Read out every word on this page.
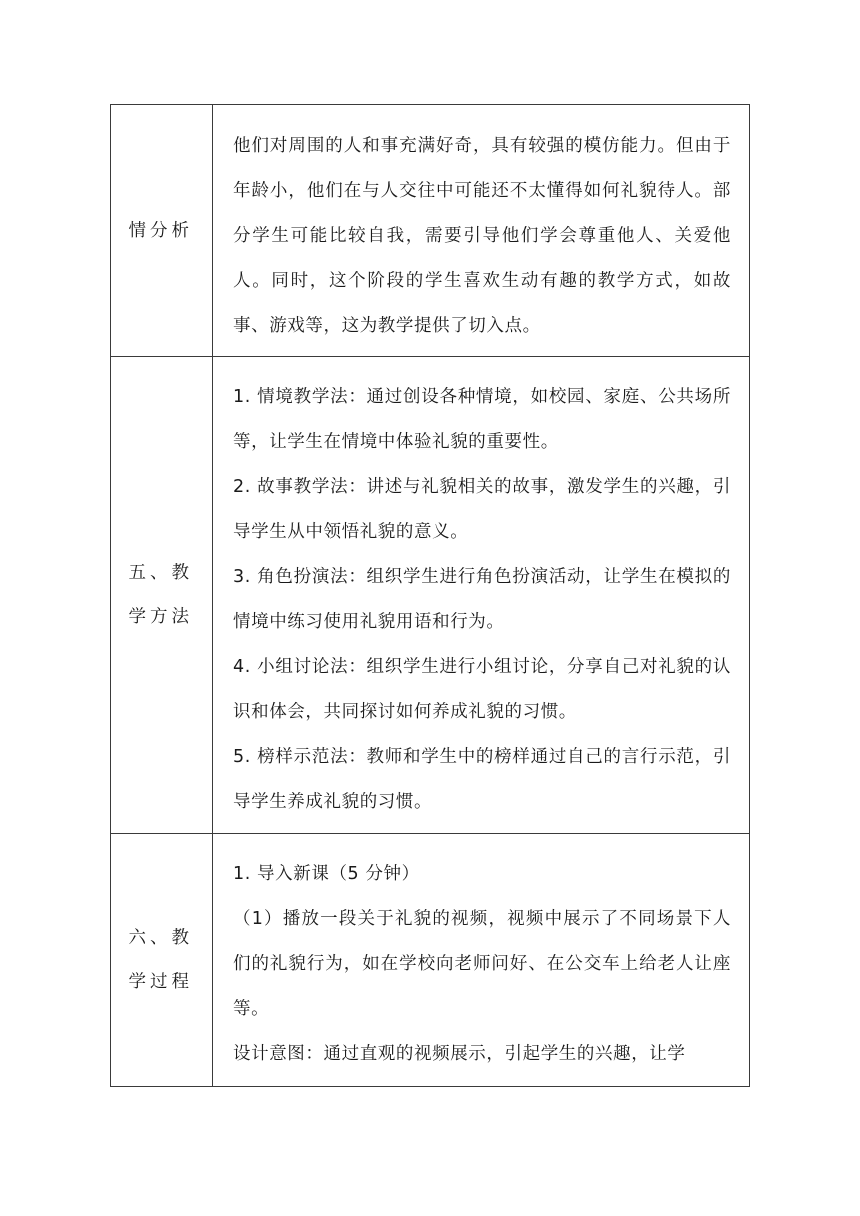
情分析	他们对周围的人和事充满好奇，具有较强的模仿能力。但由于年龄小，他们在与人交往中可能还不太懂得如何礼貌待人。部分学生可能比较自我，需要引导他们学会尊重他人、关爱他人。同时，这个阶段的学生喜欢生动有趣的教学方式，如故事、游戏等，这为教学提供了切入点。

五、教学方法	1. 情境教学法：通过创设各种情境，如校园、家庭、公共场所等，让学生在情境中体验礼貌的重要性。

2. 故事教学法：讲述与礼貌相关的故事，激发学生的兴趣，引导学生从中领悟礼貌的意义。

3. 角色扮演法：组织学生进行角色扮演活动，让学生在模拟的情境中练习使用礼貌用语和行为。

4. 小组讨论法：组织学生进行小组讨论，分享自己对礼貌的认识和体会，共同探讨如何养成礼貌的习惯。

5. 榜样示范法：教师和学生中的榜样通过自己的言行示范，引导学生养成礼貌的习惯。

六、教学过程	1. 导入新课（5 分钟）

（1）播放一段关于礼貌的视频，视频中展示了不同场景下人们的礼貌行为，如在学校向老师问好、在公交车上给老人让座等。

设计意图：通过直观的视频展示，引起学生的兴趣，让学
